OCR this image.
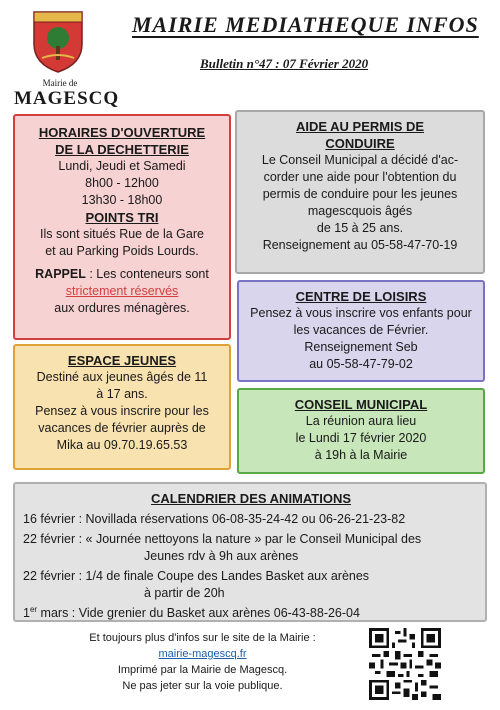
Mairie de
MAGESCQ
MAIRIE MEDIATHEQUE INFOS
Bulletin n°47 : 07 Février 2020
HORAIRES D'OUVERTURE
DE LA DECHETTERIE
Lundi, Jeudi et Samedi
8h00 - 12h00
13h30 - 18h00
POINTS TRI
Ils sont situés Rue de la Gare
et au Parking Poids Lourds.
RAPPEL : Les conteneurs sont
strictement réservés
aux ordures ménagères.
AIDE AU PERMIS DE
CONDUIRE
Le Conseil Municipal a décidé d'ac-
corder une aide pour l'obtention du
permis de conduire pour les jeunes
magescquois âgés
de 15 à 25 ans.
Renseignement au 05-58-47-70-19
CENTRE DE LOISIRS
Pensez à vous inscrire vos enfants pour
les vacances de Février.
Renseignement Seb
au 05-58-47-79-02
ESPACE JEUNES
Destiné aux jeunes âgés de 11
à 17 ans.
Pensez à vous inscrire pour les
vacances de février auprès de
Mika au 09.70.19.65.53
CONSEIL MUNICIPAL
La réunion aura lieu
le Lundi 17 février 2020
à 19h à la Mairie
CALENDRIER DES ANIMATIONS
16 février : Novillada réservations 06-08-35-24-42 ou 06-26-21-23-82
22 février : « Journée nettoyons la nature » par le Conseil Municipal des
Jeunes rdv à 9h aux arènes
22 février : 1/4 de finale Coupe des Landes Basket aux arènes
à partir de 20h
1er mars : Vide grenier du Basket aux arènes 06-43-88-26-04
Et toujours plus d'infos sur le site de la Mairie :
mairie-magescq.fr
Imprimé par la Mairie de Magescq.
Ne pas jeter sur la voie publique.
